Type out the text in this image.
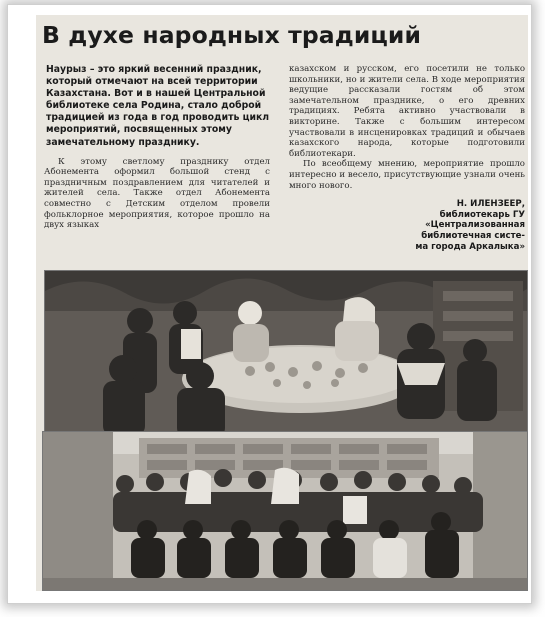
В духе народных традиций

Наурыз – это яркий весенний праздник, который отмечают на всей территории Казахстана. Вот и в нашей Центральной библиотеке села Родина, стало доброй традицией из года в год проводить цикл мероприятий, посвященных этому замечательному празднику.

К этому светлому празднику отдел Абонемента оформил большой стенд с праздничным поздравлением для читателей и жителей села. Также отдел Абонемента совместно с Детским отделом провели фольклорное мероприятия, которое прошло на двух языках

казахском и русском, его посетили не только школьники, но и жители села. В ходе мероприятия ведущие рассказали гостям об этом замечательном празднике, о его древних традициях. Ребята активно участвовали в викторине. Также с большим интересом участвовали в инсценировках традиций и обычаев казахского народа, которые подготовили библиотекари.

По всеобщему мнению, мероприятие прошло интересно и весело, присутствующие узнали очень много нового.

Н. ИЛЕНЗЕЕР,
библиотекарь ГУ
«Централизованная
библиотечная систе-
ма города Аркалыка»
